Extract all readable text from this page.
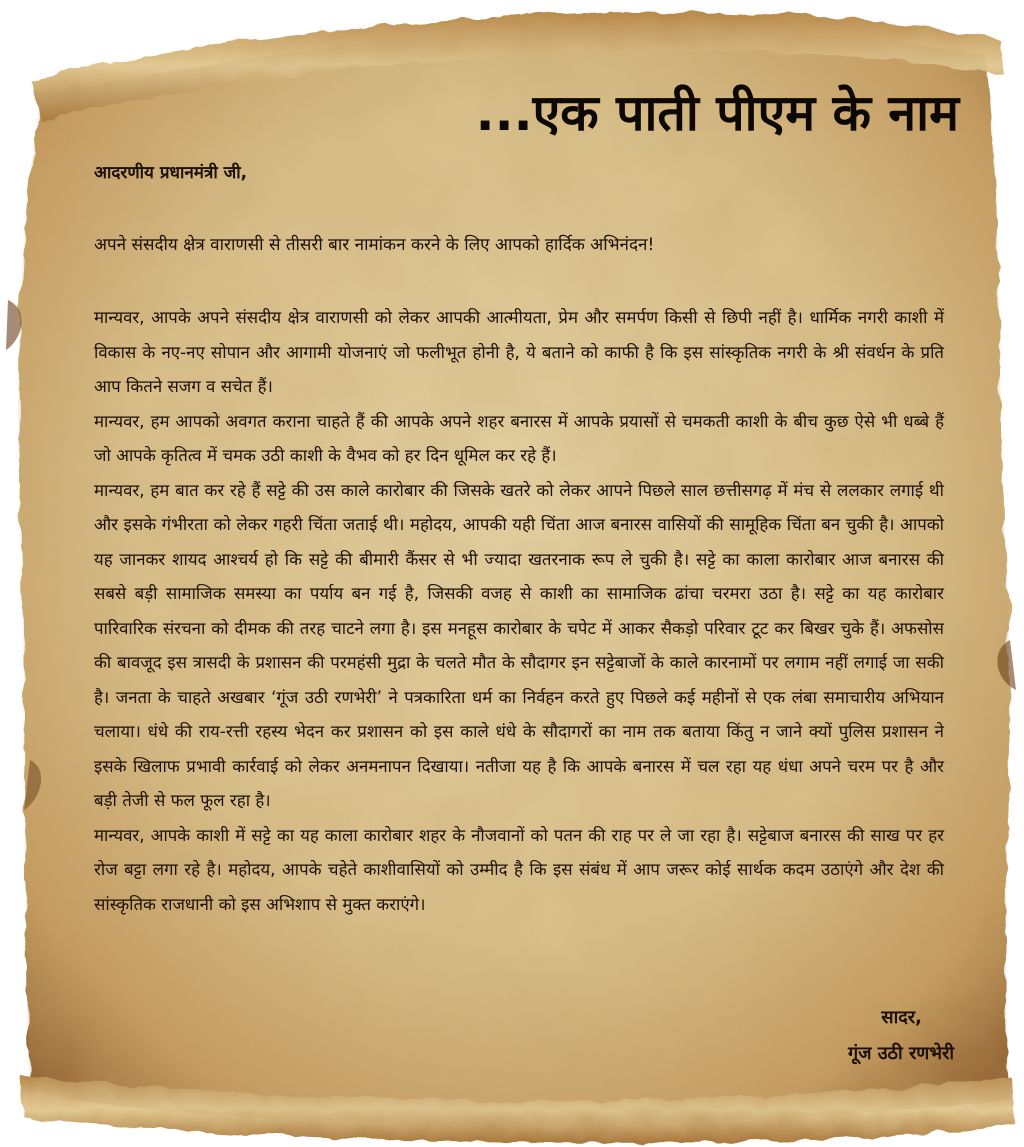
...एक पाती पीएम के नाम
आदरणीय प्रधानमंत्री जी,

अपने संसदीय क्षेत्र वाराणसी से तीसरी बार नामांकन करने के लिए आपको हार्दिक अभिनंदन!

मान्यवर, आपके अपने संसदीय क्षेत्र वाराणसी को लेकर आपकी आत्मीयता, प्रेम और समर्पण किसी से छिपी नहीं है। धार्मिक नगरी काशी में विकास के नए-नए सोपान और आगामी योजनाएं जो फलीभूत होनी है, ये बताने को काफी है कि इस सांस्कृतिक नगरी के श्री संवर्धन के प्रति आप कितने सजग व सचेत हैं।

मान्यवर, हम आपको अवगत कराना चाहते हैं की आपके अपने शहर बनारस में आपके प्रयासों से चमकती काशी के बीच कुछ ऐसे भी धब्बे हैं जो आपके कृतित्व में चमक उठी काशी के वैभव को हर दिन धूमिल कर रहे हैं।

मान्यवर, हम बात कर रहे हैं सट्टे की उस काले कारोबार की जिसके खतरे को लेकर आपने पिछले साल छत्तीसगढ़ में मंच से ललकार लगाई थी और इसके गंभीरता को लेकर गहरी चिंता जताई थी। महोदय, आपकी यही चिंता आज बनारस वासियों की सामूहिक चिंता बन चुकी है। आपको यह जानकर शायद आश्चर्य हो कि सट्टे की बीमारी कैंसर से भी ज्यादा खतरनाक रूप ले चुकी है। सट्टे का काला कारोबार आज बनारस की सबसे बड़ी सामाजिक समस्या का पर्याय बन गई है, जिसकी वजह से काशी का सामाजिक ढांचा चरमरा उठा है। सट्टे का यह कारोबार पारिवारिक संरचना को दीमक की तरह चाटने लगा है। इस मनहूस कारोबार के चपेट में आकर सैकड़ो परिवार टूट कर बिखर चुके हैं। अफसोस की बावजूद इस त्रासदी के प्रशासन की परमहंसी मुद्रा के चलते मौत के सौदागर इन सट्टेबाजों के काले कारनामों पर लगाम नहीं लगाई जा सकी है। जनता के चाहते अखबार ‘गूंज उठी रणभेरी’ ने पत्रकारिता धर्म का निर्वहन करते हुए पिछले कई महीनों से एक लंबा समाचारीय अभियान चलाया। धंधे की राय-रत्ती रहस्य भेदन कर प्रशासन को इस काले धंधे के सौदागरों का नाम तक बताया किंतु न जाने क्यों पुलिस प्रशासन ने इसके खिलाफ प्रभावी कार्रवाई को लेकर अनमनापन दिखाया। नतीजा यह है कि आपके बनारस में चल रहा यह धंधा अपने चरम पर है और बड़ी तेजी से फल फूल रहा है।

मान्यवर, आपके काशी में सट्टे का यह काला कारोबार शहर के नौजवानों को पतन की राह पर ले जा रहा है। सट्टेबाज बनारस की साख पर हर रोज बट्टा लगा रहे है। महोदय, आपके चहेते काशीवासियों को उम्मीद है कि इस संबंध में आप जरूर कोई सार्थक कदम उठाएंगे और देश की सांस्कृतिक राजधानी को इस अभिशाप से मुक्त कराएंगे।

सादर,
गूंज उठी रणभेरी
